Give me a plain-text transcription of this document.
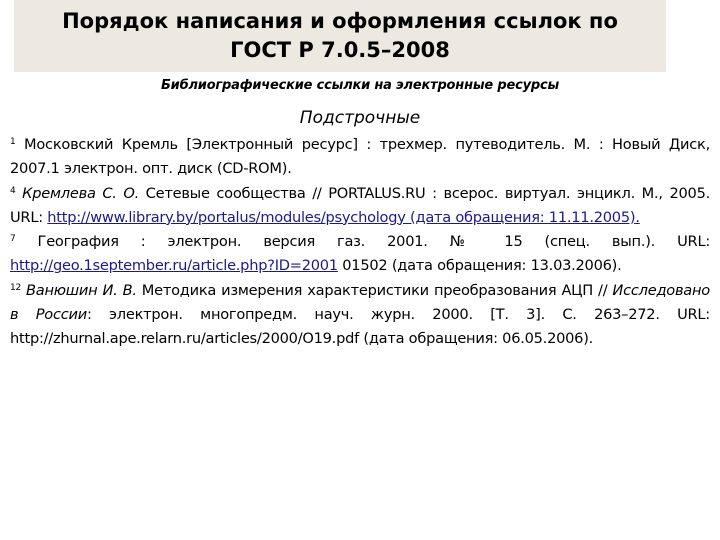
Порядок написания и оформления ссылок по
ГОСТ Р 7.0.5–2008
Библиографические ссылки на электронные ресурсы
Подстрочные
$^1$ Московский Кремль [Электронный ресурс] : трехмер. путеводитель. М. : Новый Диск, 2007.1 электрон. опт. диск (CD-ROM).
$^4$ Кремлева С. О. Сетевые сообщества // PORTALUS.RU : всерос. виртуал. энцикл. М., 2005. URL: http://www.library.by/portalus/modules/psychology (дата обращения: 11.11.2005).
$^7$ География : электрон. версия газ. 2001. № 15 (спец. вып.). URL: http://geo.1september.ru/article.php?ID=2001 01502 (дата обращения: 13.03.2006).
$^{12}$ Ванюшин И. В. Методика измерения характеристики преобразования АЦП // Исследовано в России: электрон. многопредм. науч. журн. 2000. [Т. 3]. С. 263–272. URL: http://zhurnal.ape.relarn.ru/articles/2000/O19.pdf (дата обращения: 06.05.2006).
